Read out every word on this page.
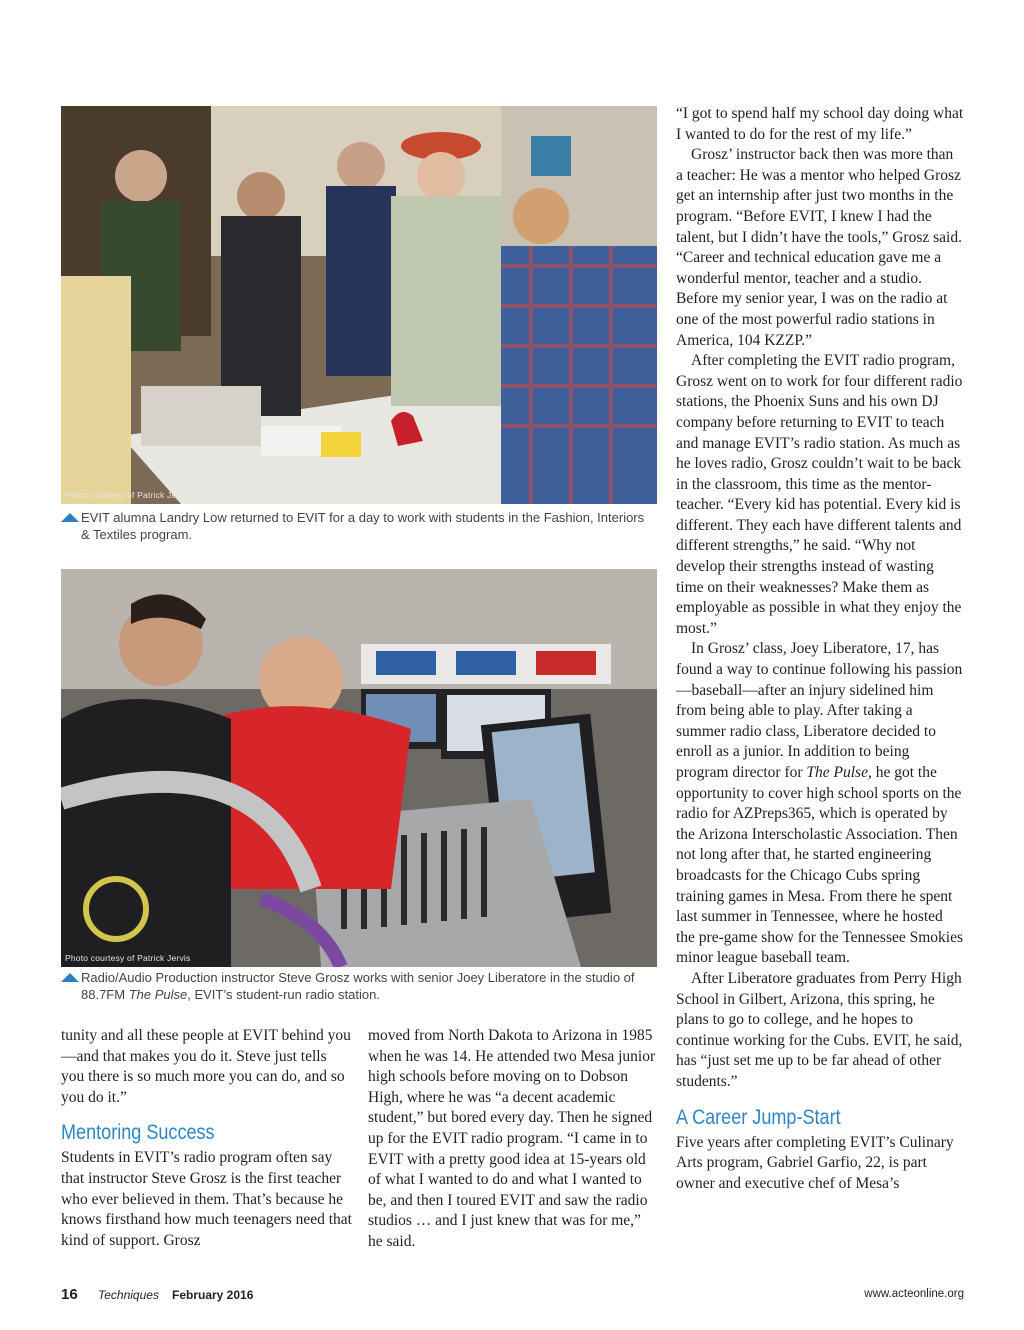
Photo courtesy of Patrick Jervis
EVIT alumna Landry Low returned to EVIT for a day to work with students in the Fashion, Interiors & Textiles program.
Photo courtesy of Patrick Jervis
Radio/Audio Production instructor Steve Grosz works with senior Joey Liberatore in the studio of 88.7FM The Pulse, EVIT’s student-run radio station.

tunity and all these people at EVIT behind you—and that makes you do it. Steve just tells you there is so much more you can do, and so you do it.”

Mentoring Success

Students in EVIT’s radio program often say that instructor Steve Grosz is the first teacher who ever believed in them. That’s because he knows firsthand how much teenagers need that kind of support. Grosz

moved from North Dakota to Arizona in 1985 when he was 14. He attended two Mesa junior high schools before moving on to Dobson High, where he was “a decent academic student,” but bored every day. Then he signed up for the EVIT radio program. “I came in to EVIT with a pretty good idea at 15-years old of what I wanted to do and what I wanted to be, and then I toured EVIT and saw the radio studios … and I just knew that was for me,” he said.

“I got to spend half my school day doing what I wanted to do for the rest of my life.”

Grosz’ instructor back then was more than a teacher: He was a mentor who helped Grosz get an internship after just two months in the program. “Before EVIT, I knew I had the talent, but I didn’t have the tools,” Grosz said. “Career and technical education gave me a wonderful mentor, teacher and a studio. Before my senior year, I was on the radio at one of the most powerful radio stations in America, 104 KZZP.”

After completing the EVIT radio program, Grosz went on to work for four different radio stations, the Phoenix Suns and his own DJ company before returning to EVIT to teach and manage EVIT’s radio station. As much as he loves radio, Grosz couldn’t wait to be back in the classroom, this time as the mentor-teacher. “Every kid has potential. Every kid is different. They each have different talents and different strengths,” he said. “Why not develop their strengths instead of wasting time on their weaknesses? Make them as employable as possible in what they enjoy the most.”

In Grosz’ class, Joey Liberatore, 17, has found a way to continue following his passion—baseball—after an injury sidelined him from being able to play. After taking a summer radio class, Liberatore decided to enroll as a junior. In addition to being program director for The Pulse, he got the opportunity to cover high school sports on the radio for AZPreps365, which is operated by the Arizona Interscholastic Association. Then not long after that, he started engineering broadcasts for the Chicago Cubs spring training games in Mesa. From there he spent last summer in Tennessee, where he hosted the pre-game show for the Tennessee Smokies minor league baseball team.

After Liberatore graduates from Perry High School in Gilbert, Arizona, this spring, he plans to go to college, and he hopes to continue working for the Cubs. EVIT, he said, has “just set me up to be far ahead of other students.”

A Career Jump-Start

Five years after completing EVIT’s Culinary Arts program, Gabriel Garfio, 22, is part owner and executive chef of Mesa’s

16 Techniques February 2016	www.acteonline.org
